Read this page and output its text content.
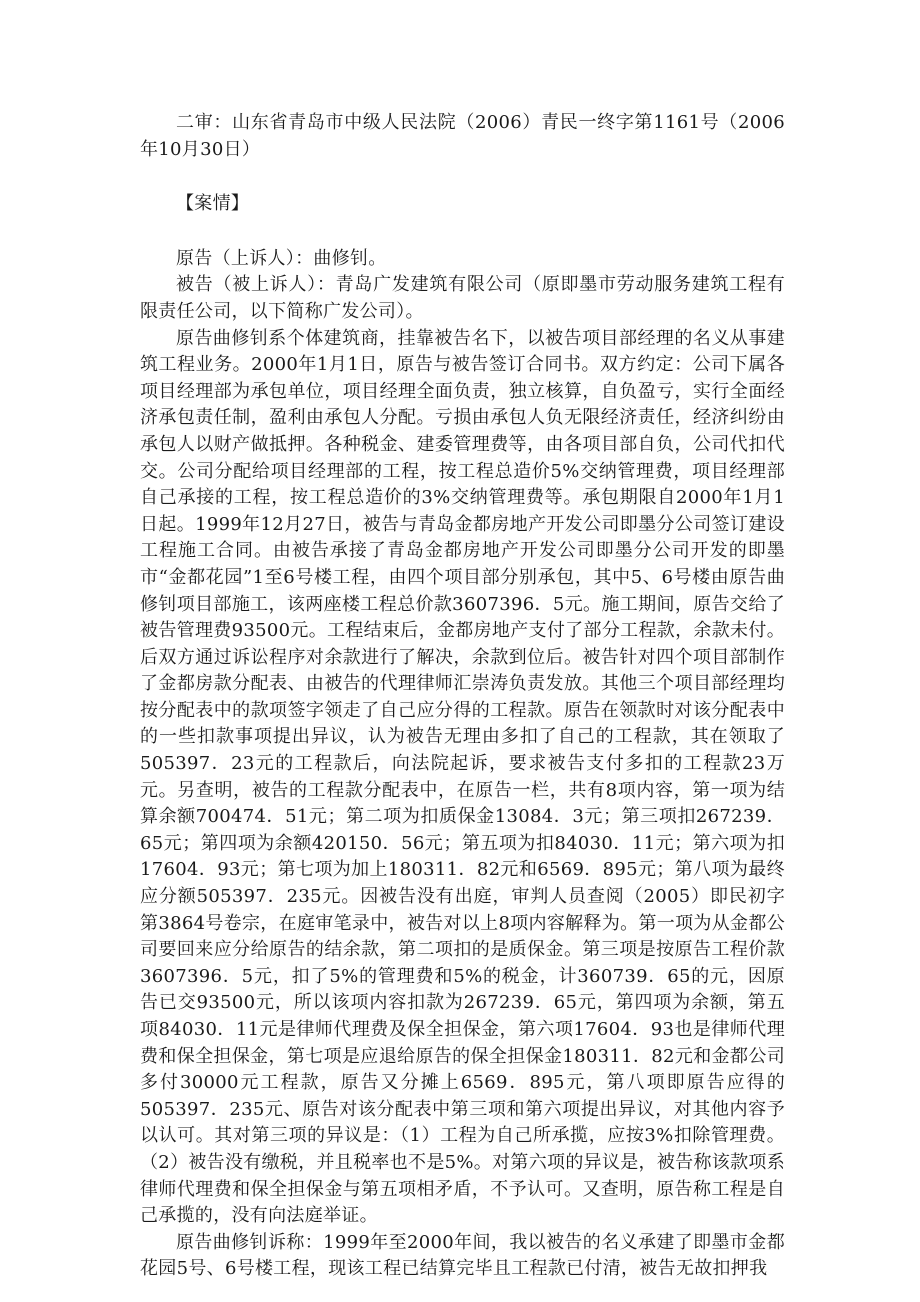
二审：山东省青岛市中级人民法院（2006）青民一终字第1161号（2006年10月30日）

【案情】

原告（上诉人）：曲修钊。

被告（被上诉人）：青岛广发建筑有限公司（原即墨市劳动服务建筑工程有限责任公司，以下简称广发公司）。

原告曲修钊系个体建筑商，挂靠被告名下，以被告项目部经理的名义从事建筑工程业务。2000年1月1日，原告与被告签订合同书。双方约定：公司下属各项目经理部为承包单位，项目经理全面负责，独立核算，自负盈亏，实行全面经济承包责任制，盈利由承包人分配。亏损由承包人负无限经济责任，经济纠纷由承包人以财产做抵押。各种税金、建委管理费等，由各项目部自负，公司代扣代交。公司分配给项目经理部的工程，按工程总造价5%交纳管理费，项目经理部自己承接的工程，按工程总造价的3%交纳管理费等。承包期限自2000年1月1日起。1999年12月27日，被告与青岛金都房地产开发公司即墨分公司签订建设工程施工合同。由被告承接了青岛金都房地产开发公司即墨分公司开发的即墨市“金都花园”1至6号楼工程，由四个项目部分别承包，其中5、6号楼由原告曲修钊项目部施工，该两座楼工程总价款3607396．5元。施工期间，原告交给了被告管理费93500元。工程结束后，金都房地产支付了部分工程款，余款未付。后双方通过诉讼程序对余款进行了解决，余款到位后。被告针对四个项目部制作了金都房款分配表、由被告的代理律师汇崇涛负责发放。其他三个项目部经理均按分配表中的款项签字领走了自己应分得的工程款。原告在领款时对该分配表中的一些扣款事项提出异议，认为被告无理由多扣了自己的工程款，其在领取了505397．23元的工程款后，向法院起诉，要求被告支付多扣的工程款23万元。另查明，被告的工程款分配表中，在原告一栏，共有8项内容，第一项为结算余额700474．51元；第二项为扣质保金13084．3元；第三项扣267239．65元；第四项为余额420150．56元；第五项为扣84030．11元；第六项为扣17604．93元；第七项为加上180311．82元和6569．895元；第八项为最终应分额505397．235元。因被告没有出庭，审判人员查阅（2005）即民初字第3864号卷宗，在庭审笔录中，被告对以上8项内容解释为。第一项为从金都公司要回来应分给原告的结余款，第二项扣的是质保金。第三项是按原告工程价款3607396．5元，扣了5%的管理费和5%的税金，计360739．65的元，因原告已交93500元，所以该项内容扣款为267239．65元，第四项为余额，第五项84030．11元是律师代理费及保全担保金，第六项17604．93也是律师代理费和保全担保金，第七项是应退给原告的保全担保金180311．82元和金都公司多付30000元工程款，原告又分摊上6569．895元，第八项即原告应得的505397．235元、原告对该分配表中第三项和第六项提出异议，对其他内容予以认可。其对第三项的异议是：（1）工程为自己所承揽，应按3%扣除管理费。（2）被告没有缴税，并且税率也不是5%。对第六项的异议是，被告称该款项系律师代理费和保全担保金与第五项相矛盾，不予认可。又查明，原告称工程是自己承揽的，没有向法庭举证。

原告曲修钊诉称：1999年至2000年间，我以被告的名义承建了即墨市金都花园5号、6号楼工程，现该工程已结算完毕且工程款已付清，被告无故扣押我
